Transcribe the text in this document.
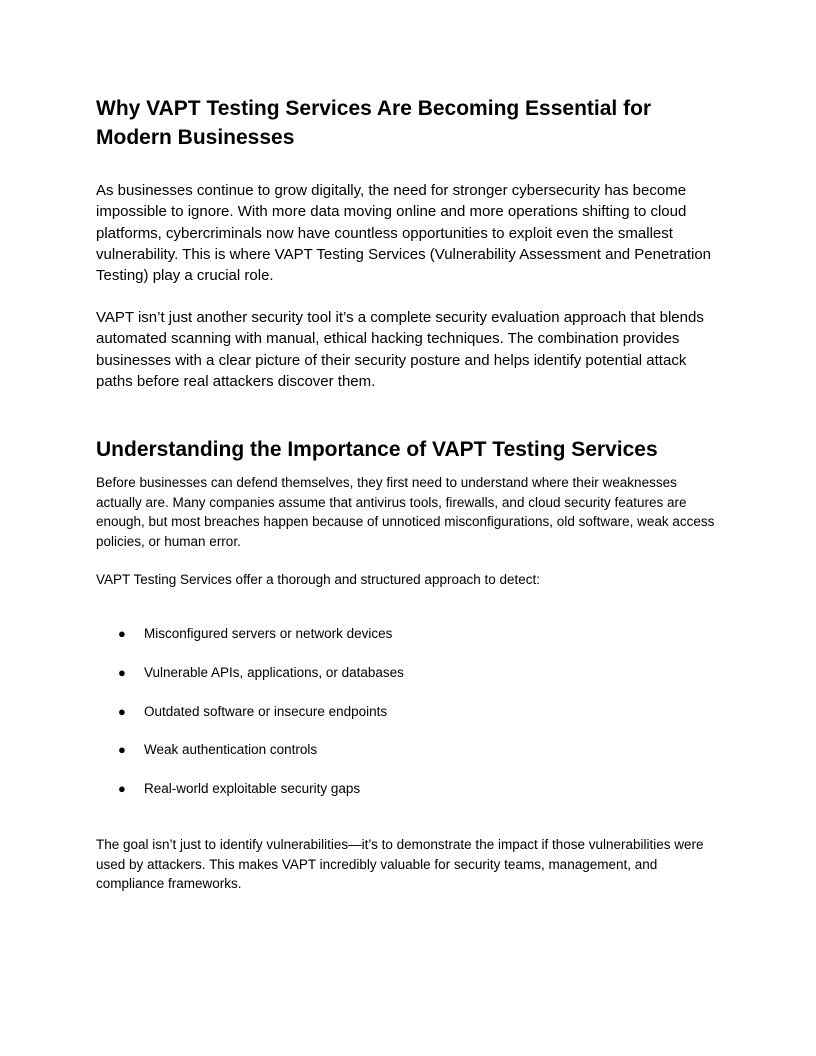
Why VAPT Testing Services Are Becoming Essential for Modern Businesses

As businesses continue to grow digitally, the need for stronger cybersecurity has become impossible to ignore. With more data moving online and more operations shifting to cloud platforms, cybercriminals now have countless opportunities to exploit even the smallest vulnerability. This is where VAPT Testing Services (Vulnerability Assessment and Penetration Testing) play a crucial role.

VAPT isn’t just another security tool it’s a complete security evaluation approach that blends automated scanning with manual, ethical hacking techniques. The combination provides businesses with a clear picture of their security posture and helps identify potential attack paths before real attackers discover them.

Understanding the Importance of VAPT Testing Services

Before businesses can defend themselves, they first need to understand where their weaknesses actually are. Many companies assume that antivirus tools, firewalls, and cloud security features are enough, but most breaches happen because of unnoticed misconfigurations, old software, weak access policies, or human error.

VAPT Testing Services offer a thorough and structured approach to detect:

● Misconfigured servers or network devices
● Vulnerable APIs, applications, or databases
● Outdated software or insecure endpoints
● Weak authentication controls
● Real-world exploitable security gaps

The goal isn’t just to identify vulnerabilities—it’s to demonstrate the impact if those vulnerabilities were used by attackers. This makes VAPT incredibly valuable for security teams, management, and compliance frameworks.
